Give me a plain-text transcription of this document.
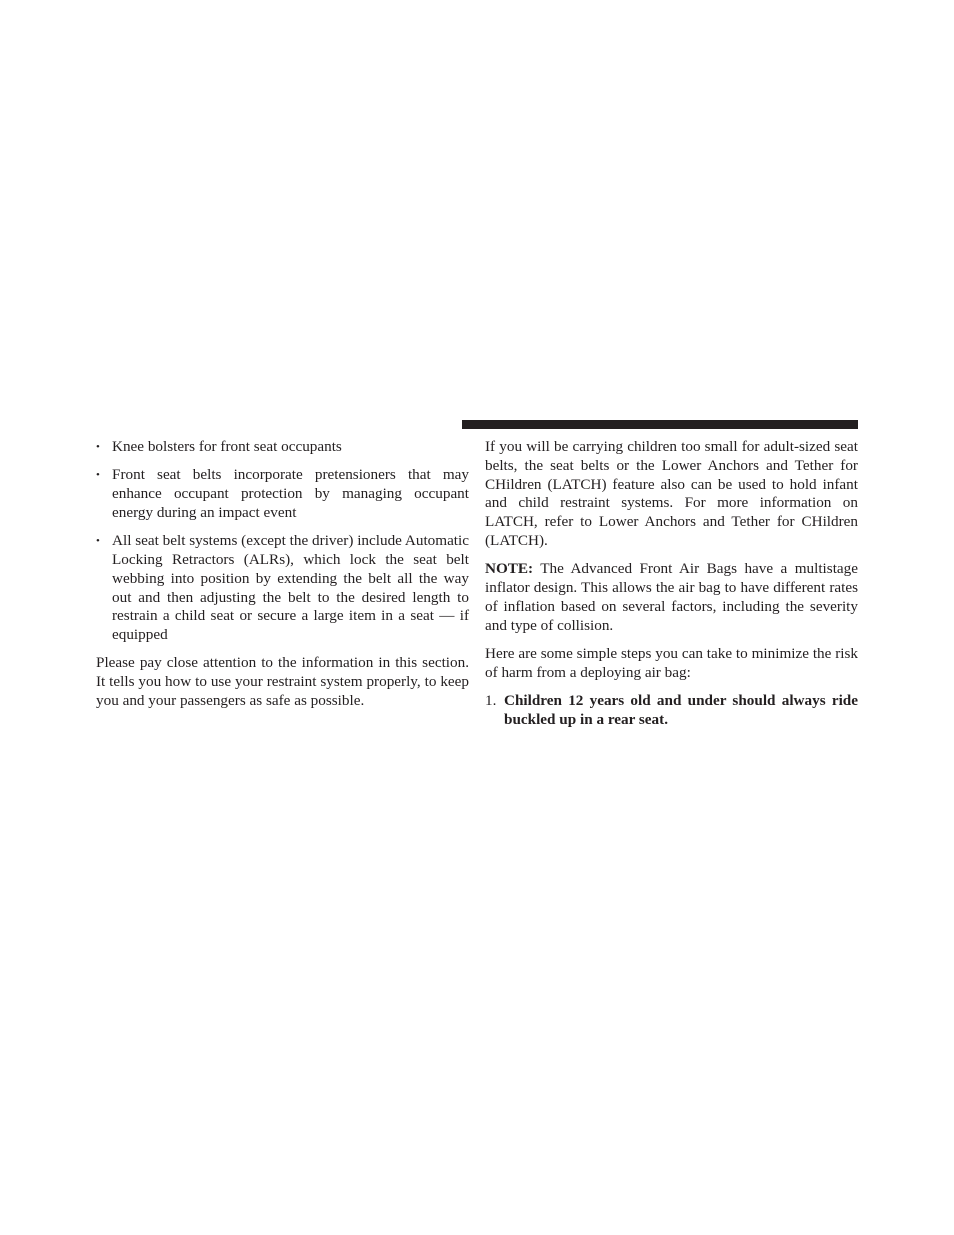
• Knee bolsters for front seat occupants
• Front seat belts incorporate pretensioners that may enhance occupant protection by managing occupant energy during an impact event
• All seat belt systems (except the driver) include Automatic Locking Retractors (ALRs), which lock the seat belt webbing into position by extending the belt all the way out and then adjusting the belt to the desired length to restrain a child seat or secure a large item in a seat — if equipped

Please pay close attention to the information in this section. It tells you how to use your restraint system properly, to keep you and your passengers as safe as possible.

If you will be carrying children too small for adult-sized seat belts, the seat belts or the Lower Anchors and Tether for CHildren (LATCH) feature also can be used to hold infant and child restraint systems. For more information on LATCH, refer to Lower Anchors and Tether for CHildren (LATCH).

NOTE: The Advanced Front Air Bags have a multistage inflator design. This allows the air bag to have different rates of inflation based on several factors, including the severity and type of collision.

Here are some simple steps you can take to minimize the risk of harm from a deploying air bag:

1. Children 12 years old and under should always ride buckled up in a rear seat.
